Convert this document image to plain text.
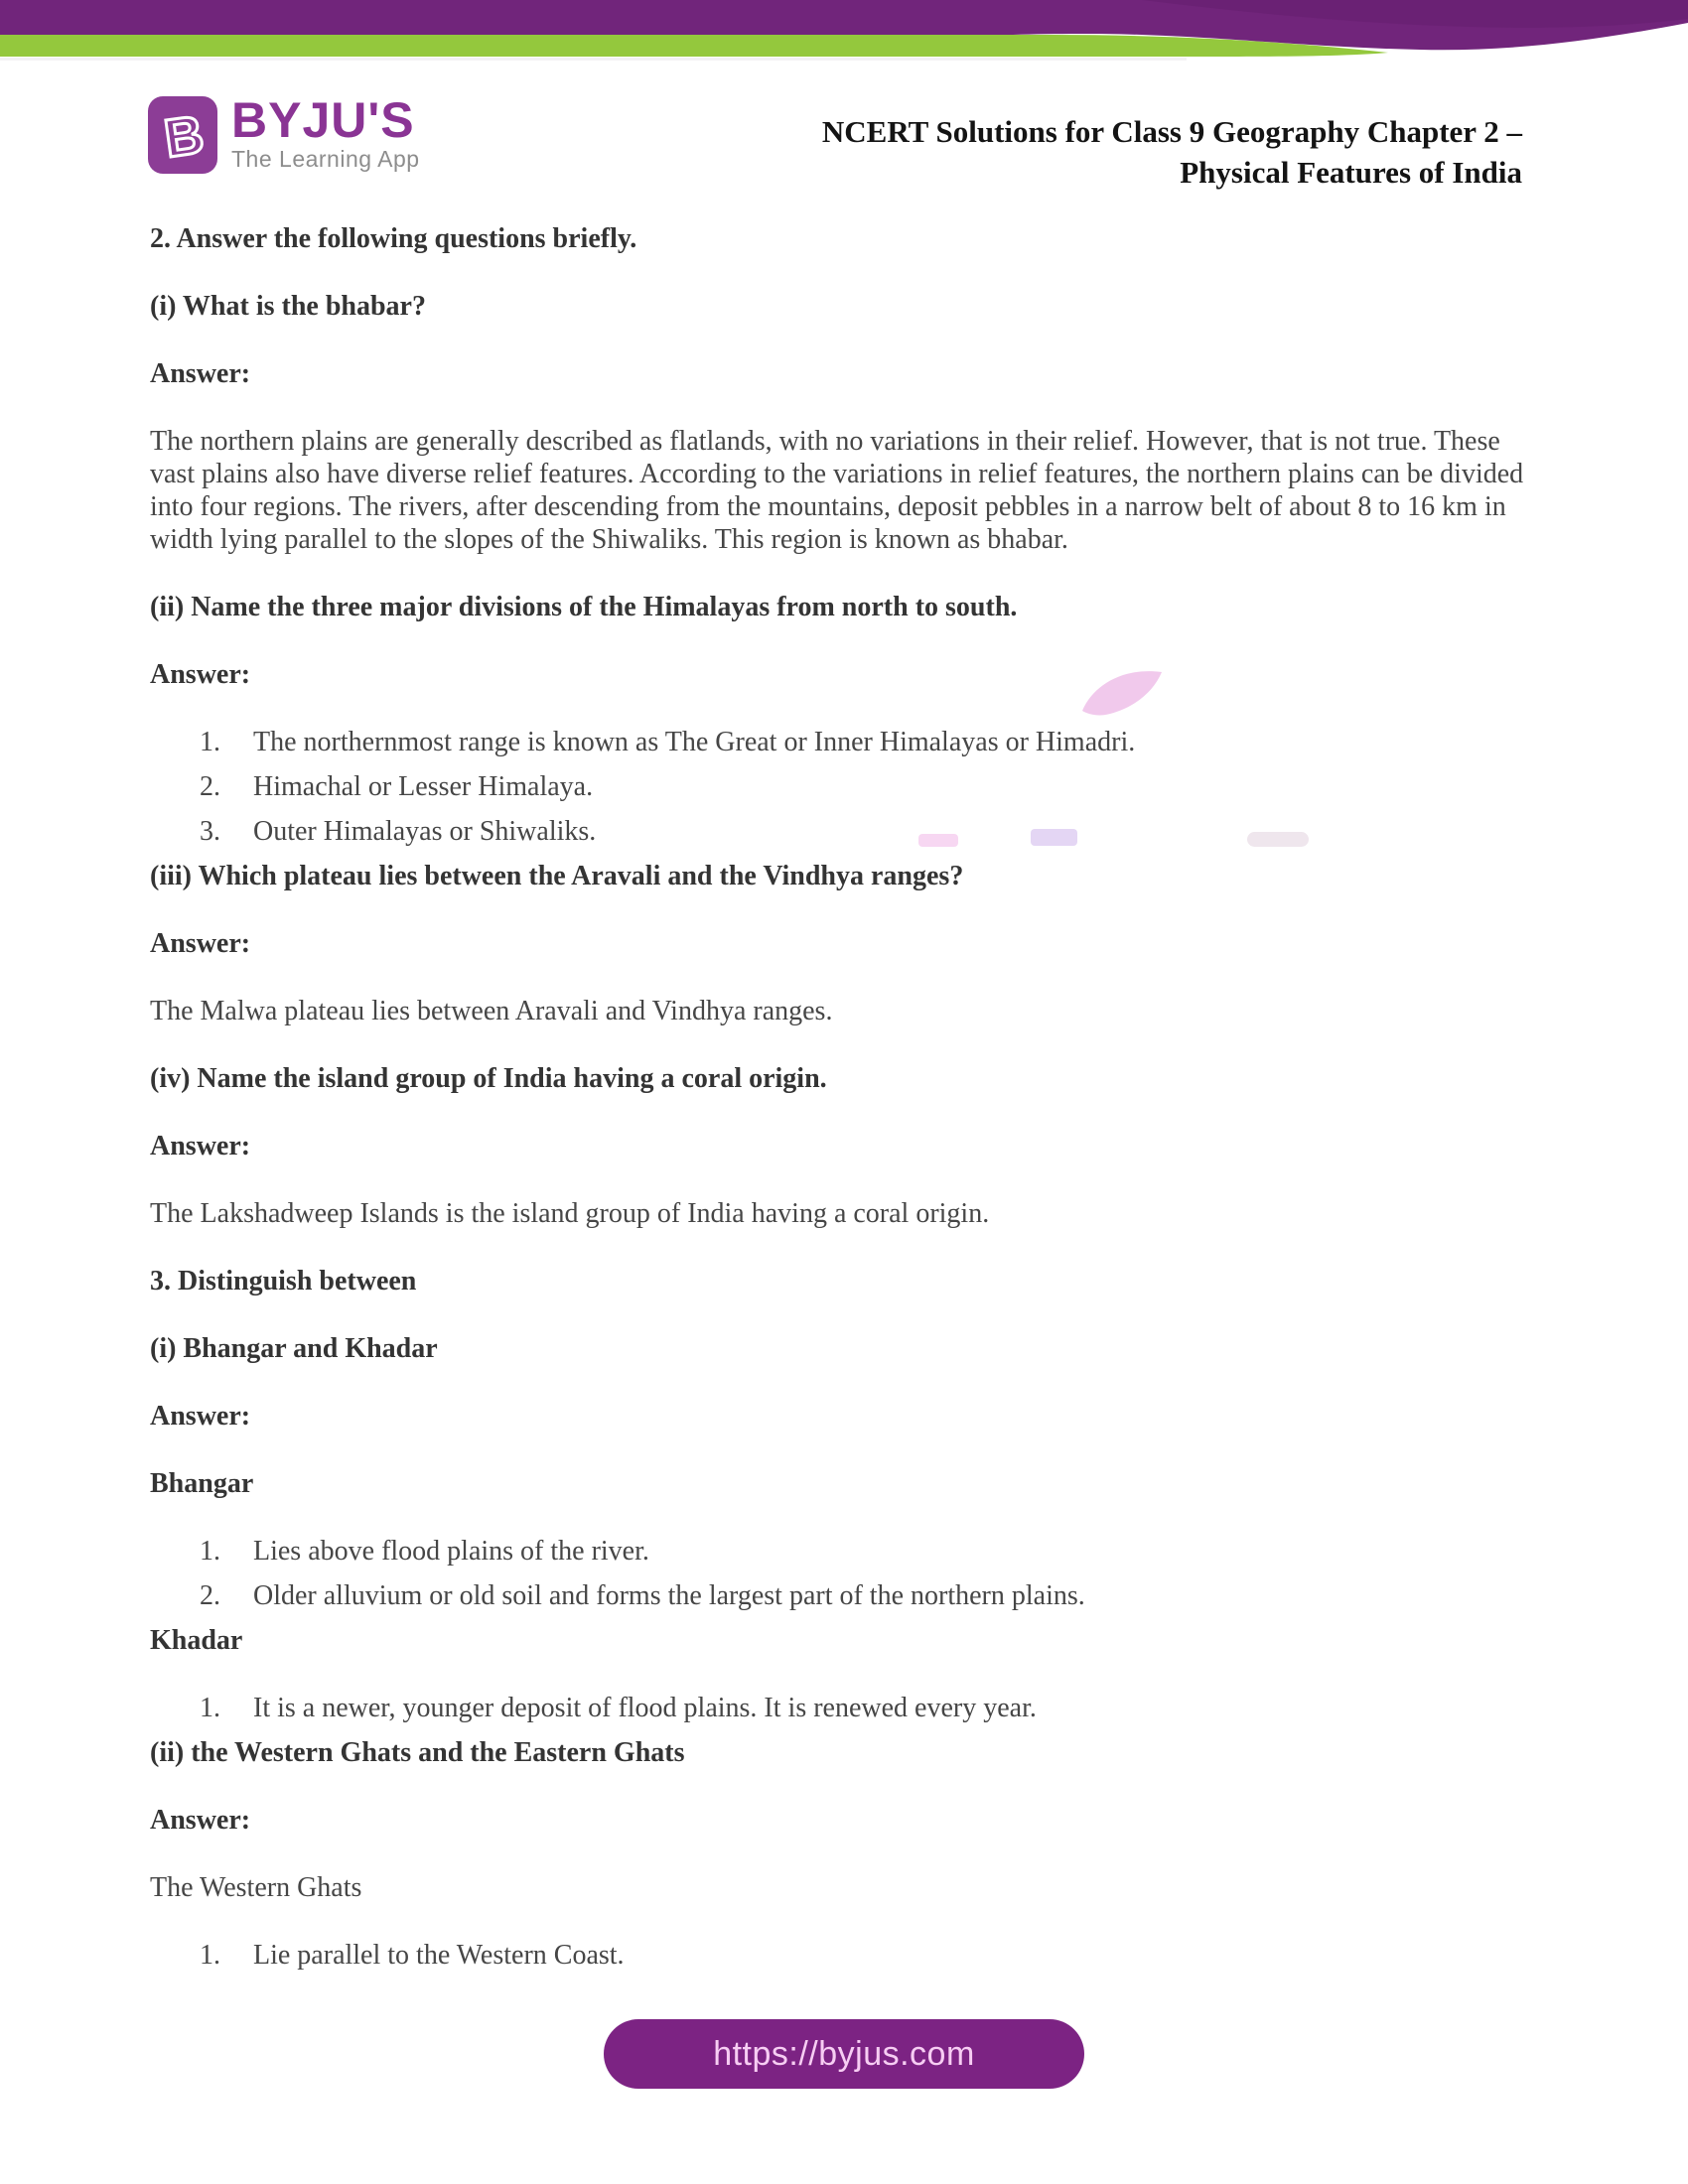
B BYJU'S
The Learning App
NCERT Solutions for Class 9 Geography Chapter 2 –
Physical Features of India
2. Answer the following questions briefly.
(i) What is the bhabar?
Answer:

The northern plains are generally described as flatlands, with no variations in their relief. However, that is not true. These vast plains also have diverse relief features. According to the variations in relief features, the northern plains can be divided into four regions. The rivers, after descending from the mountains, deposit pebbles in a narrow belt of about 8 to 16 km in width lying parallel to the slopes of the Shiwaliks. This region is known as bhabar.

(ii) Name the three major divisions of the Himalayas from north to south.
Answer:
The northernmost range is known as The Great or Inner Himalayas or Himadri.
Himachal or Lesser Himalaya.
Outer Himalayas or Shiwaliks.
(iii) Which plateau lies between the Aravali and the Vindhya ranges?
Answer:

The Malwa plateau lies between Aravali and Vindhya ranges.

(iv) Name the island group of India having a coral origin.
Answer:

The Lakshadweep Islands is the island group of India having a coral origin.

3. Distinguish between
(i) Bhangar and Khadar
Answer:
Bhangar
Lies above flood plains of the river.
Older alluvium or old soil and forms the largest part of the northern plains.
Khadar
It is a newer, younger deposit of flood plains. It is renewed every year.
(ii) the Western Ghats and the Eastern Ghats
Answer:

The Western Ghats

Lie parallel to the Western Coast.
https://byjus.com
